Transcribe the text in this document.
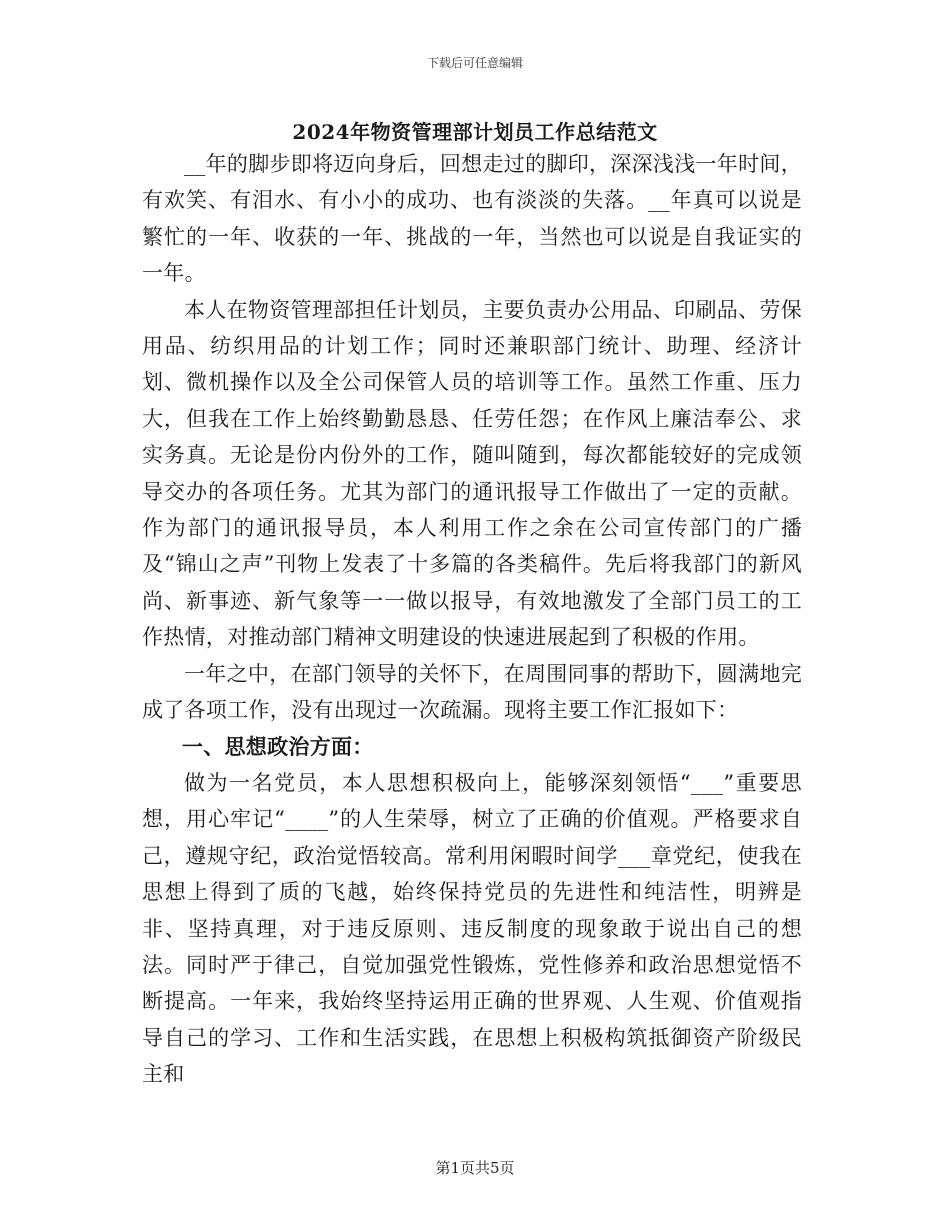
下载后可任意编辑
2024年物资管理部计划员工作总结范文

__年的脚步即将迈向身后，回想走过的脚印，深深浅浅一年时间，有欢笑、有泪水、有小小的成功、也有淡淡的失落。__年真可以说是繁忙的一年、收获的一年、挑战的一年，当然也可以说是自我证实的一年。

本人在物资管理部担任计划员，主要负责办公用品、印刷品、劳保用品、纺织用品的计划工作；同时还兼职部门统计、助理、经济计划、微机操作以及全公司保管人员的培训等工作。虽然工作重、压力大，但我在工作上始终勤勤恳恳、任劳任怨；在作风上廉洁奉公、求实务真。无论是份内份外的工作，随叫随到，每次都能较好的完成领导交办的各项任务。尤其为部门的通讯报导工作做出了一定的贡献。作为部门的通讯报导员，本人利用工作之余在公司宣传部门的广播及“锦山之声”刊物上发表了十多篇的各类稿件。先后将我部门的新风尚、新事迹、新气象等一一做以报导，有效地激发了全部门员工的工作热情，对推动部门精神文明建设的快速进展起到了积极的作用。

一年之中，在部门领导的关怀下，在周围同事的帮助下，圆满地完成了各项工作，没有出现过一次疏漏。现将主要工作汇报如下：

一、思想政治方面：

做为一名党员，本人思想积极向上，能够深刻领悟“___”重要思想，用心牢记“____”的人生荣辱，树立了正确的价值观。严格要求自己，遵规守纪，政治觉悟较高。常利用闲暇时间学___章党纪，使我在思想上得到了质的飞越，始终保持党员的先进性和纯洁性，明辨是非、坚持真理，对于违反原则、违反制度的现象敢于说出自己的想法。同时严于律己，自觉加强党性锻炼，党性修养和政治思想觉悟不断提高。一年来，我始终坚持运用正确的世界观、人生观、价值观指导自己的学习、工作和生活实践，在思想上积极构筑抵御资产阶级民主和

第1页共5页
